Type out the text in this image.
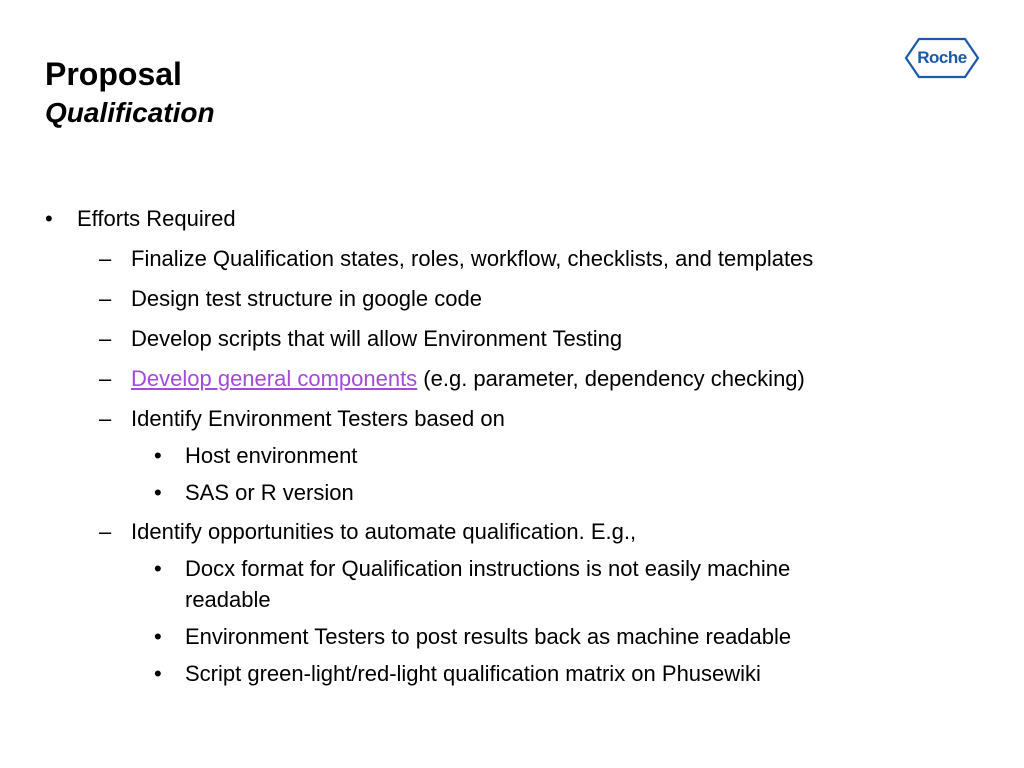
Proposal
Qualification
Roche
• Efforts Required
– Finalize Qualification states, roles, workflow, checklists, and templates
– Design test structure in google code
– Develop scripts that will allow Environment Testing
– Develop general components (e.g. parameter, dependency checking)
– Identify Environment Testers based on
• Host environment
• SAS or R version
– Identify opportunities to automate qualification. E.g.,
• Docx format for Qualification instructions is not easily machine
readable
• Environment Testers to post results back as machine readable
• Script green-light/red-light qualification matrix on Phusewiki
